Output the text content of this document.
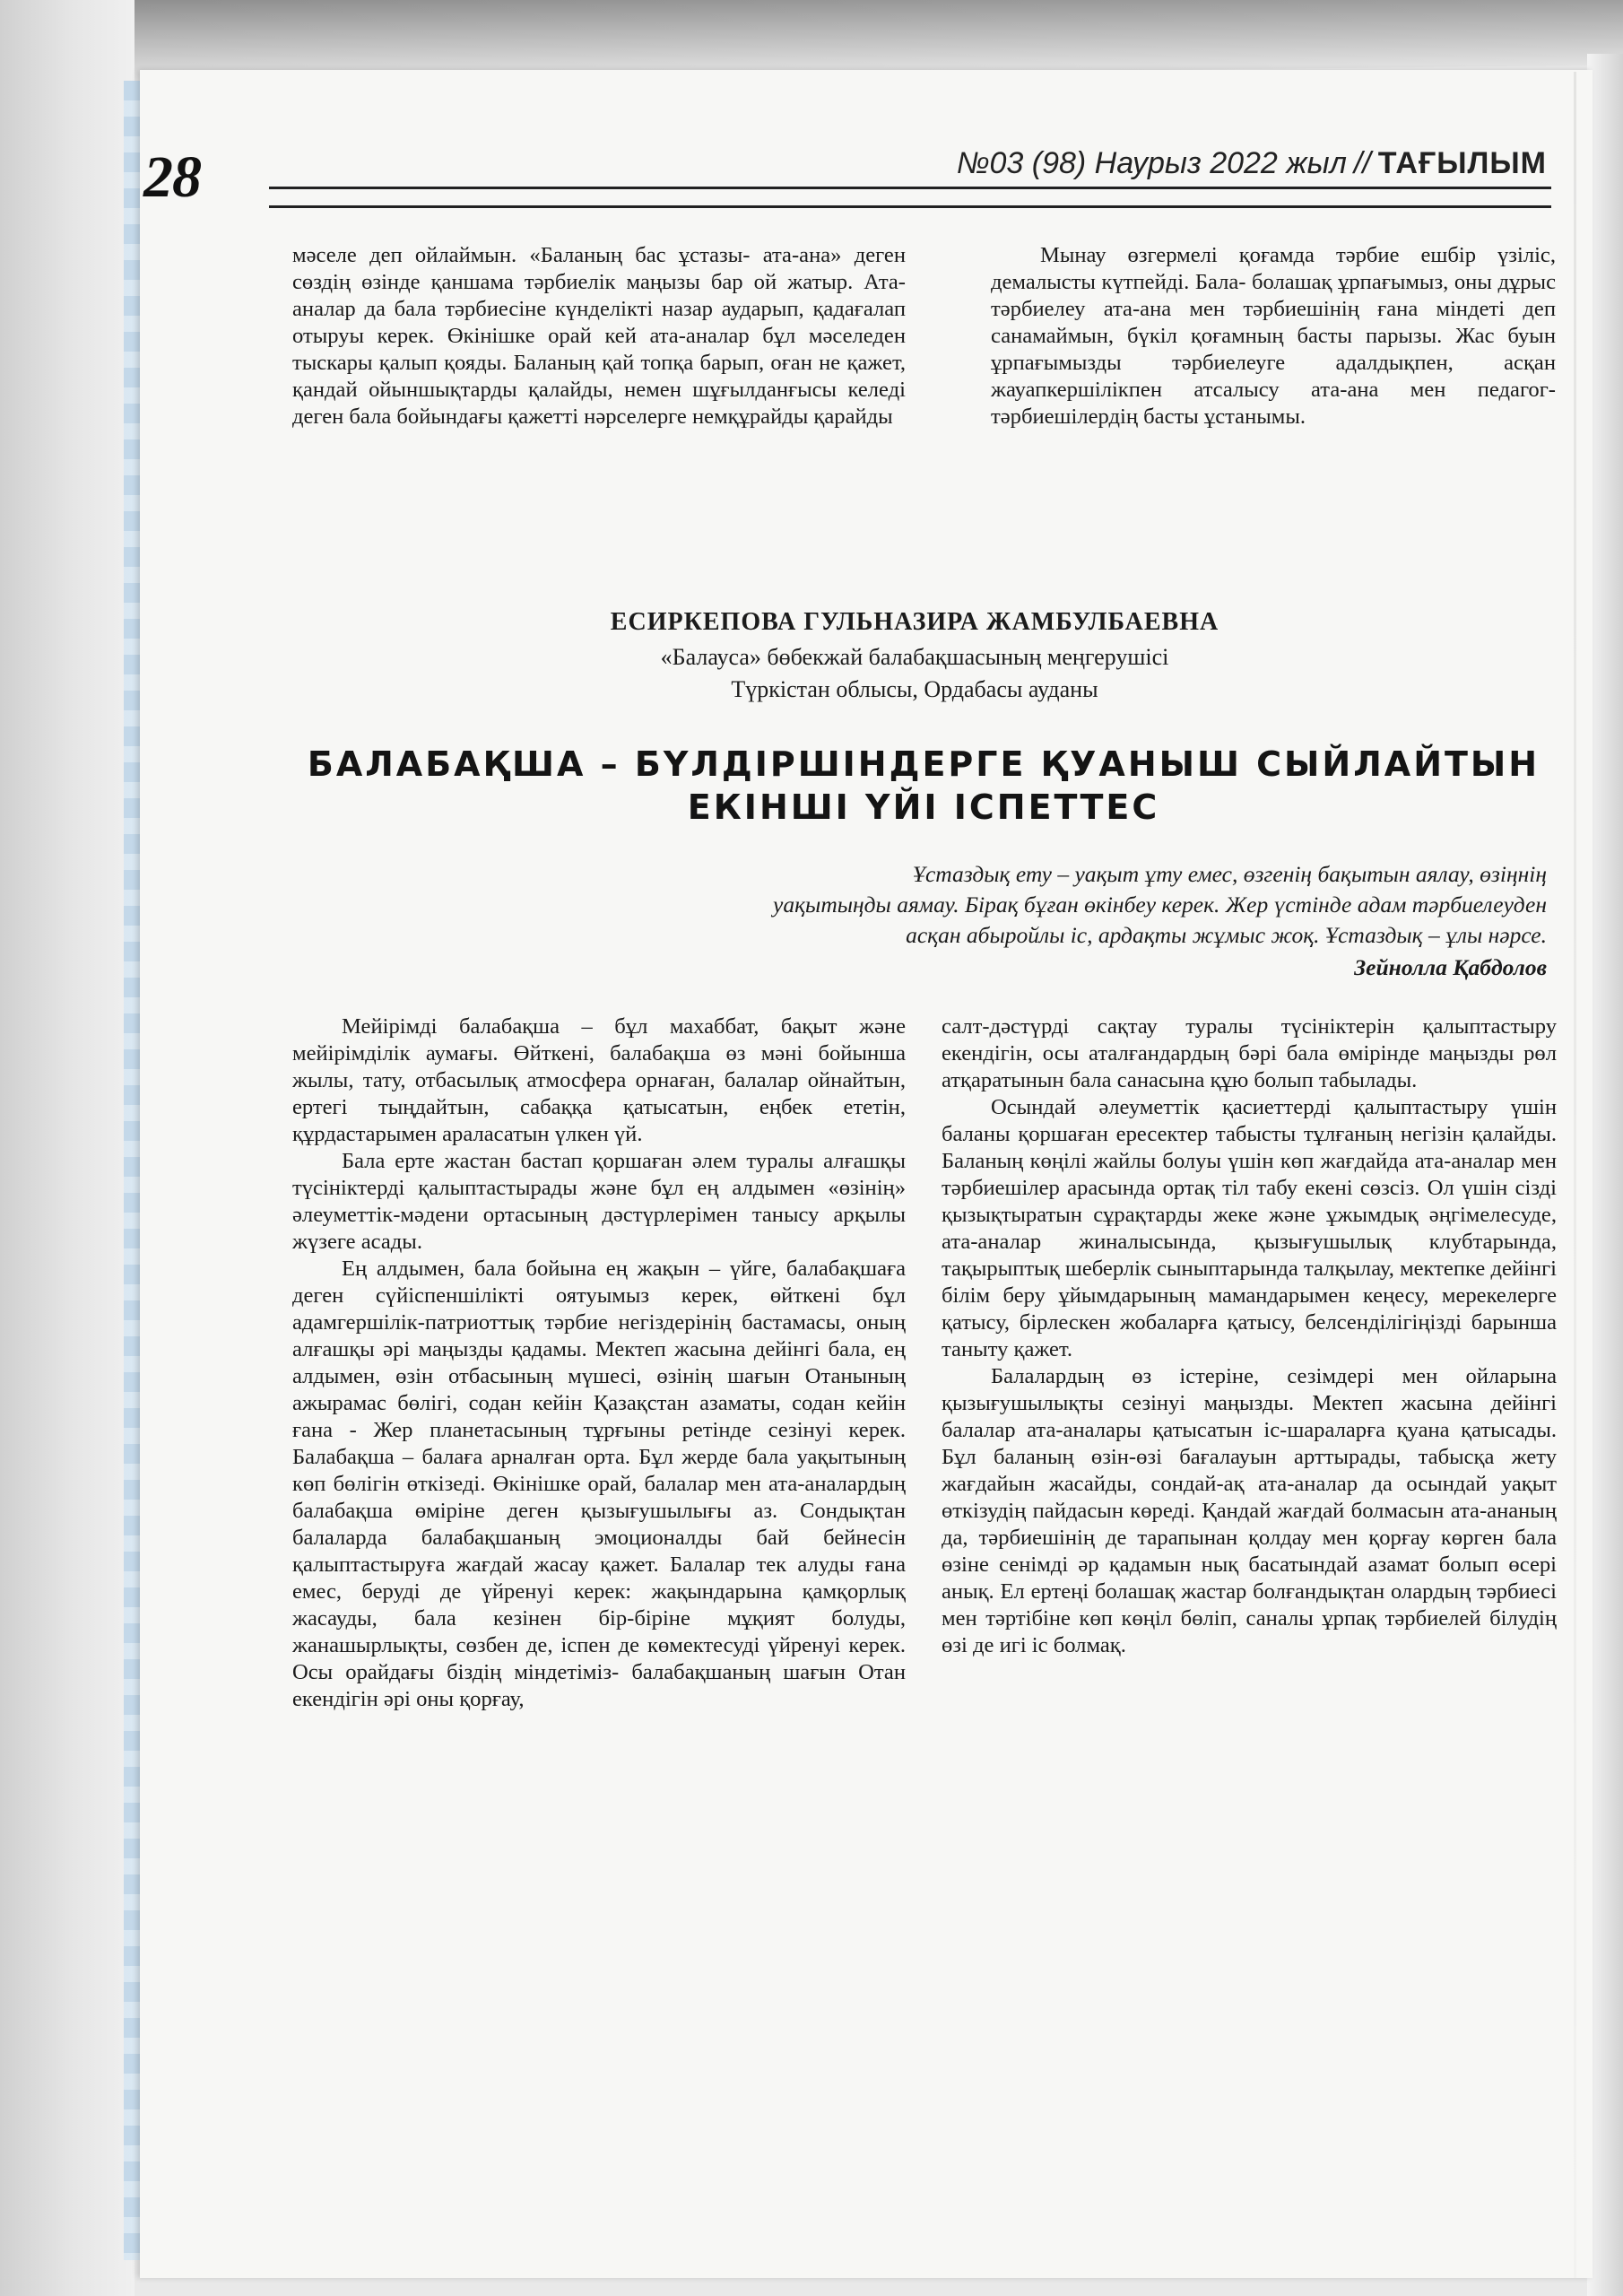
28	№03 (98) Наурыз 2022 жыл // ТАҒЫЛЫМ

мәселе деп ойлаймын. «Баланың бас ұстазы- ата-ана» деген сөздің өзінде қаншама тәрбиелік маңызы бар ой жатыр. Ата-аналар да бала тәрбиесіне күнделікті назар аударып, қадағалап отыруы керек. Өкінішке орай кей ата-аналар бұл мәселеден тыскары қалып қояды. Баланың қай топқа барып, оған не қажет, қандай ойыншықтарды қалайды, немен шұғылданғысы келеді деген бала бойындағы қажетті нәрселерге немқұрайды қарайды

Мынау өзгермелі қоғамда тәрбие ешбір үзіліс, демалысты күтпейді. Бала- болашақ ұрпағымыз, оны дұрыс тәрбиелеу ата-ана мен тәрбиешінің ғана міндеті деп санамаймын, бүкіл қоғамның басты парызы. Жас буын ұрпағымызды тәрбиелеуге адалдықпен, асқан жауапкершілікпен атсалысу ата-ана мен педагог-тәрбиешілердің басты ұстанымы.

ЕСИРКЕПОВА ГУЛЬНАЗИРА ЖАМБУЛБАЕВНА

«Балауса» бөбекжай балабақшасының меңгерушісі

Түркістан облысы, Ордабасы ауданы

БАЛАБАҚША – БҮЛДІРШІНДЕРГЕ ҚУАНЫШ СЫЙЛАЙТЫН
ЕКІНШІ ҮЙІ ІСПЕТТЕС
Ұстаздық ету – уақыт ұту емес, өзгенің бақытын аялау, өзіңнің
уақытыңды аямау. Бірақ бұған өкінбеу керек. Жер үстінде адам тәрбиелеуден
асқан абыройлы іс, ардақты жұмыс жоқ. Ұстаздық – ұлы нәрсе.
Зейнолла Қабдолов

Мейірімді балабақша – бұл махаббат, бақыт және мейірімділік аумағы. Өйткені, балабақша өз мәні бойынша жылы, тату, отбасылық атмосфера орнаған, балалар ойнайтын, ертегі тыңдайтын, сабаққа қатысатын, еңбек ететін, құрдастарымен араласатын үлкен үй.

Бала ерте жастан бастап қоршаған әлем туралы алғашқы түсініктерді қалыптастырады және бұл ең алдымен «өзінің» әлеуметтік-мәдени ортасының дәстүрлерімен танысу арқылы жүзеге асады.

Ең алдымен, бала бойына ең жақын – үйге, балабақшаға деген сүйіспеншілікті оятуымыз керек, өйткені бұл адамгершілік-патриоттық тәрбие негіздерінің бастамасы, оның алғашқы әрі маңызды қадамы. Мектеп жасына дейінгі бала, ең алдымен, өзін отбасының мүшесі, өзінің шағын Отанының ажырамас бөлігі, содан кейін Қазақстан азаматы, содан кейін ғана - Жер планетасының тұрғыны ретінде сезінуі керек. Балабақша – балаға арналған орта. Бұл жерде бала уақытының көп бөлігін өткізеді. Өкінішке орай, балалар мен ата-аналардың балабақша өміріне деген қызығушылығы аз. Сондықтан балаларда балабақшаның эмоционалды бай бейнесін қалыптастыруға жағдай жасау қажет. Балалар тек алуды ғана емес, беруді де үйренуі керек: жақындарына қамқорлық жасауды, бала кезінен бір-біріне мұқият болуды, жанашырлықты, сөзбен де, іспен де көмектесуді үйренуі керек. Осы орайдағы біздің міндетіміз- балабақшаның шағын Отан екендігін әрі оны қорғау,

салт-дәстүрді сақтау туралы түсініктерін қалыптастыру екендігін, осы аталғандардың бәрі бала өмірінде маңызды рөл атқаратынын бала санасына құю болып табылады.

Осындай әлеуметтік қасиеттерді қалыптастыру үшін баланы қоршаған ересектер табысты тұлғаның негізін қалайды. Баланың көңілі жайлы болуы үшін көп жағдайда ата-аналар мен тәрбиешілер арасында ортақ тіл табу екені сөзсіз. Ол үшін сізді қызықтыратын сұрақтарды жеке және ұжымдық әңгімелесуде, ата-аналар жиналысында, қызығушылық клубтарында, тақырыптық шеберлік сыныптарында талқылау, мектепке дейінгі білім беру ұйымдарының мамандарымен кеңесу, мерекелерге қатысу, бірлескен жобаларға қатысу, белсенділігіңізді барынша таныту қажет.

Балалардың өз істеріне, сезімдері мен ойларына қызығушылықты сезінуі маңызды. Мектеп жасына дейінгі балалар ата-аналары қатысатын іс-шараларға қуана қатысады. Бұл баланың өзін-өзі бағалауын арттырады, табысқа жету жағдайын жасайды, сондай-ақ ата-аналар да осындай уақыт өткізудің пайдасын көреді. Қандай жағдай болмасын ата-ананың да, тәрбиешінің де тарапынан қолдау мен қорғау көрген бала өзіне сенімді әр қадамын нық басатындай азамат болып өсері анық. Ел ертеңі болашақ жастар болғандықтан олардың тәрбиесі мен тәртібіне көп көңіл бөліп, саналы ұрпақ тәрбиелей білудің өзі де игі іс болмақ.
